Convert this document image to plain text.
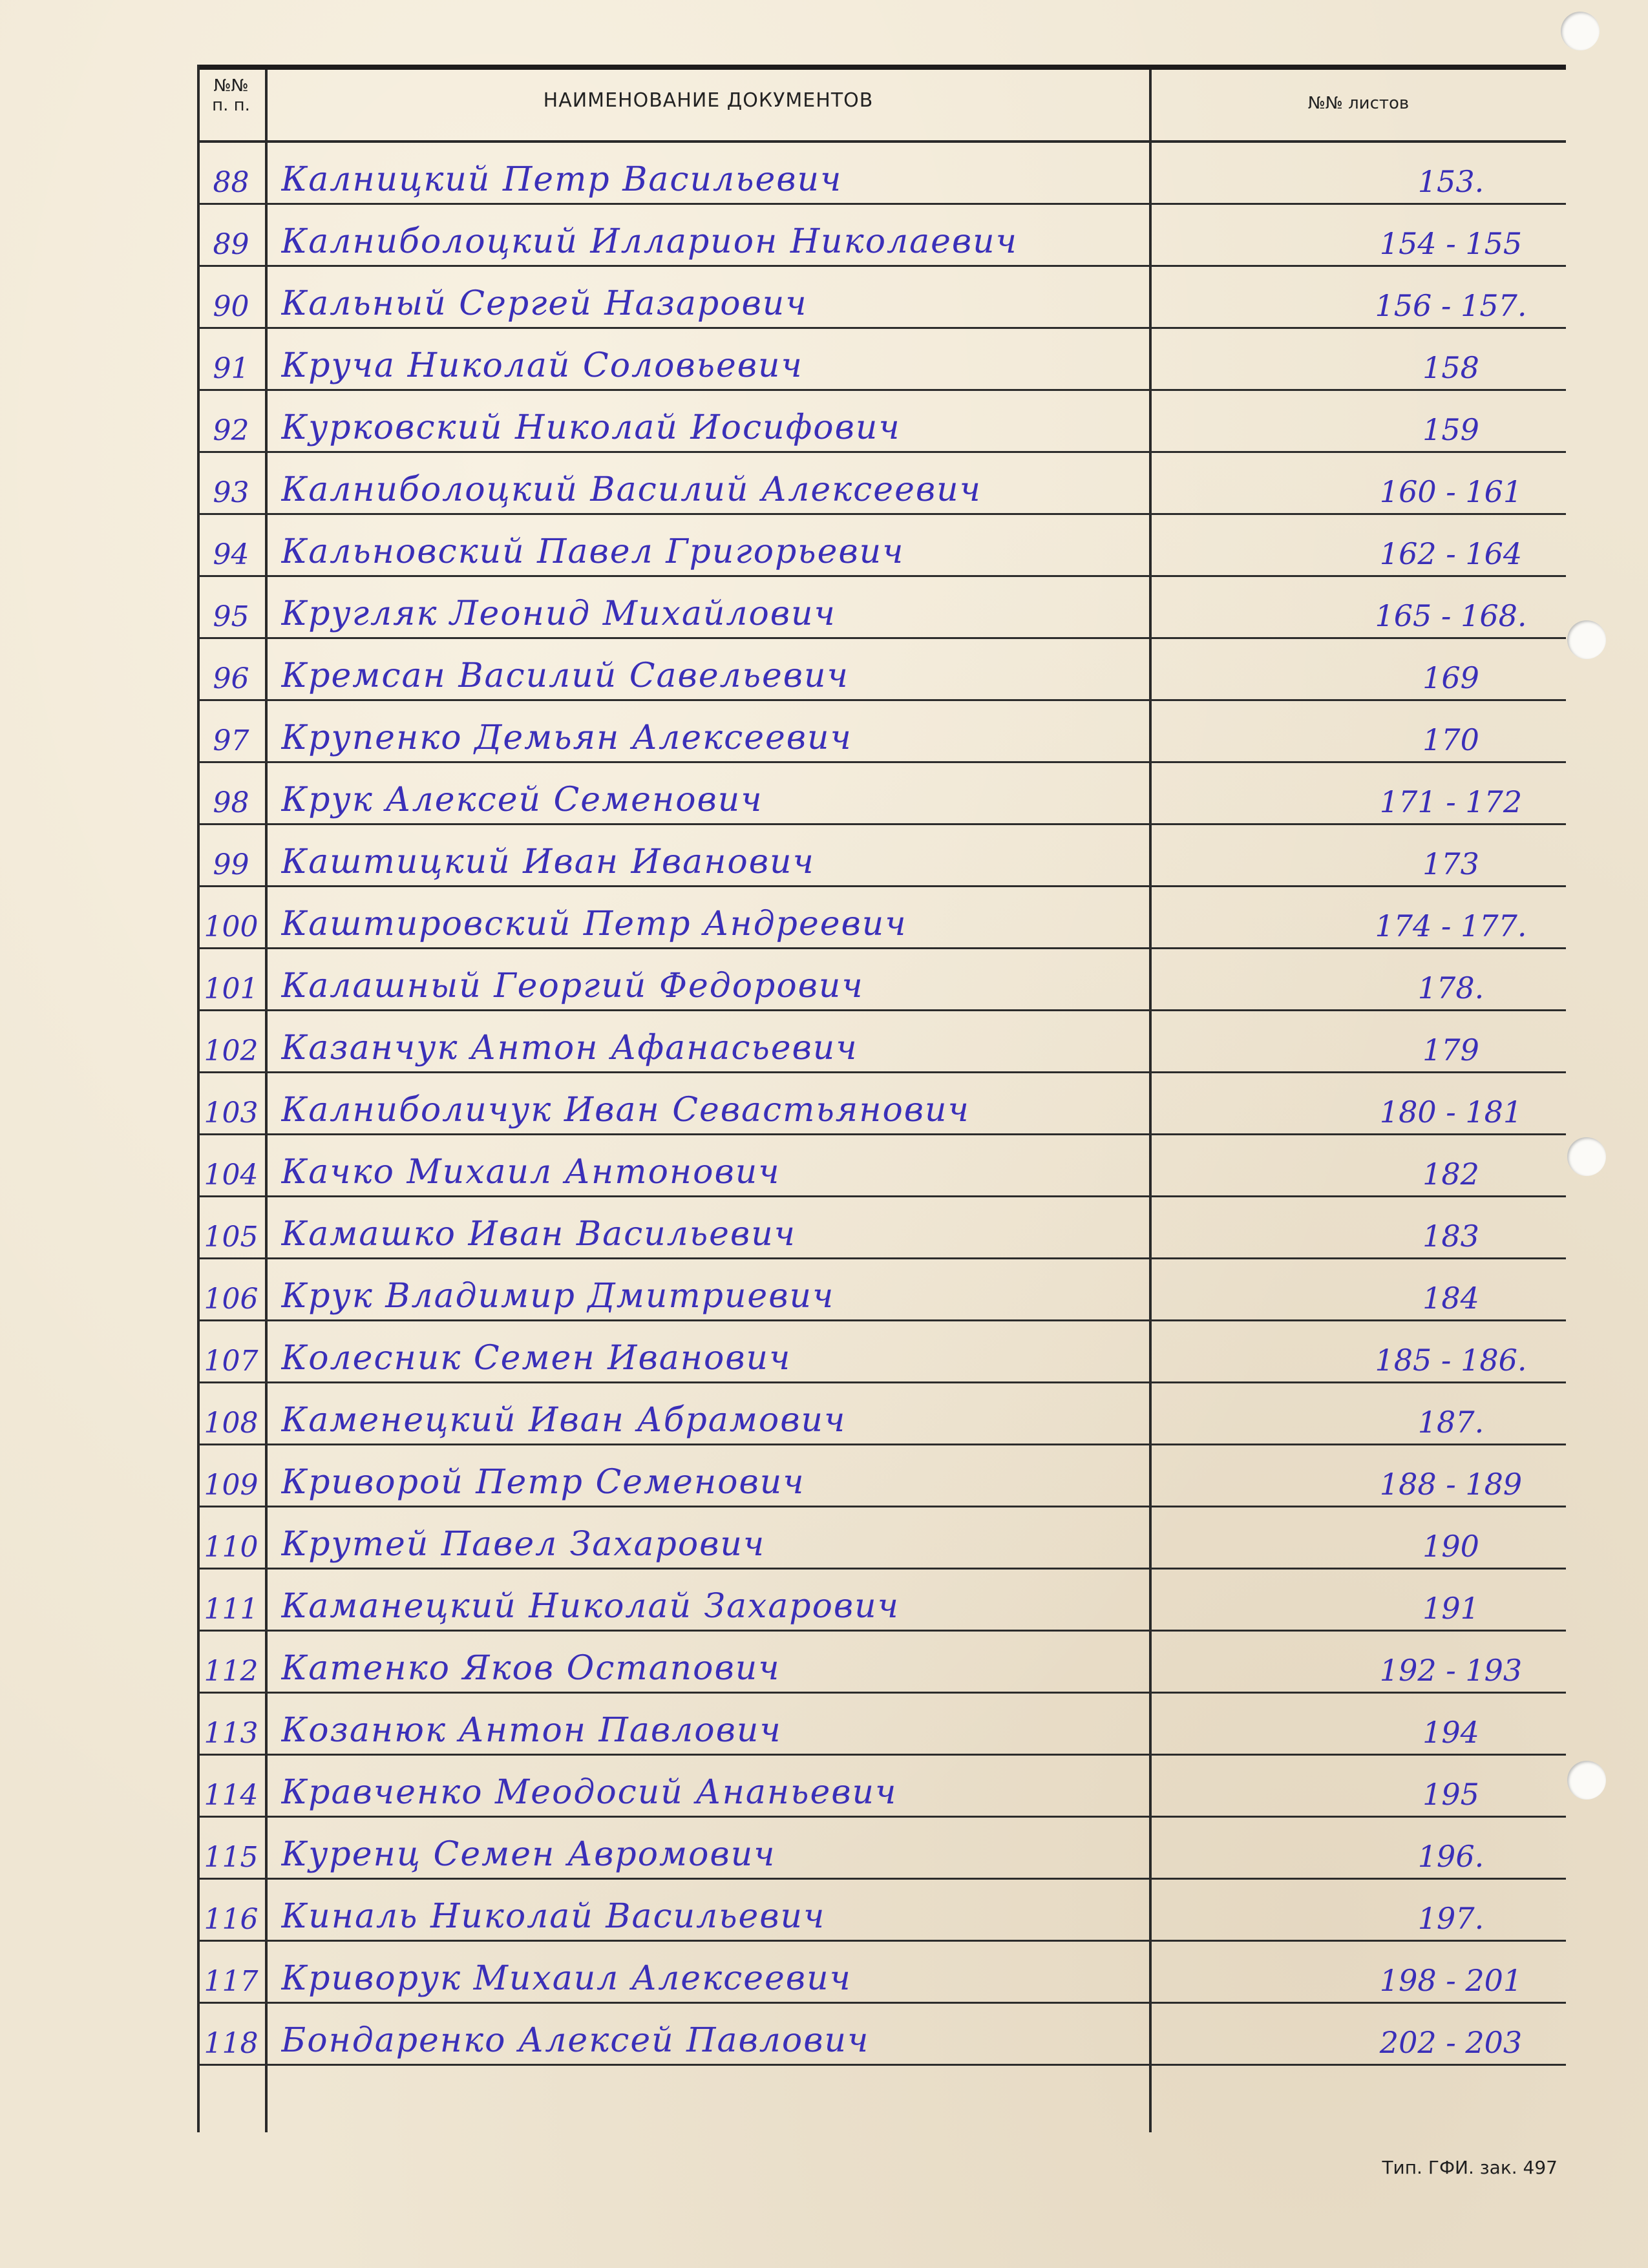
№№
п. п.	НАИМЕНОВАНИЕ ДОКУМЕНТОВ	№№ листов
88 Калницкий Петр Васильевич	153.
89 Калниболоцкий Илларион Николаевич	154 - 155
90 Кальный Сергей Назарович	156 - 157.
91 Круча Николай Соловьевич	158
92 Курковский Николай Иосифович	159
93 Калниболоцкий Василий Алексеевич	160 - 161
94 Кальновский Павел Григорьевич	162 - 164
95 Кругляк Леонид Михайлович	165 - 168.
96 Кремсан Василий Савельевич	169
97 Крупенко Демьян Алексеевич	170
98 Крук Алексей Семенович	171 - 172
99 Каштицкий Иван Иванович	173
100 Каштировский Петр Андреевич	174 - 177.
101 Калашный Георгий Федорович	178.
102 Казанчук Антон Афанасьевич	179
103 Калниболичук Иван Севастьянович	180 - 181
104 Качко Михаил Антонович	182
105 Камашко Иван Васильевич	183
106 Крук Владимир Дмитриевич	184
107 Колесник Семен Иванович	185 - 186.
108 Каменецкий Иван Абрамович	187.
109 Криворой Петр Семенович	188 - 189
110 Крутей Павел Захарович	190
111 Каманецкий Николай Захарович	191
112 Катенко Яков Остапович	192 - 193
113 Козанюк Антон Павлович	194
114 Кравченко Меодосий Ананьевич	195
115 Куренц Семен Авромович	196.
116 Киналь Николай Васильевич	197.
117 Криворук Михаил Алексеевич	198 - 201
118 Бондаренко Алексей Павлович	202 - 203
Тип. ГФИ. зак. 497
